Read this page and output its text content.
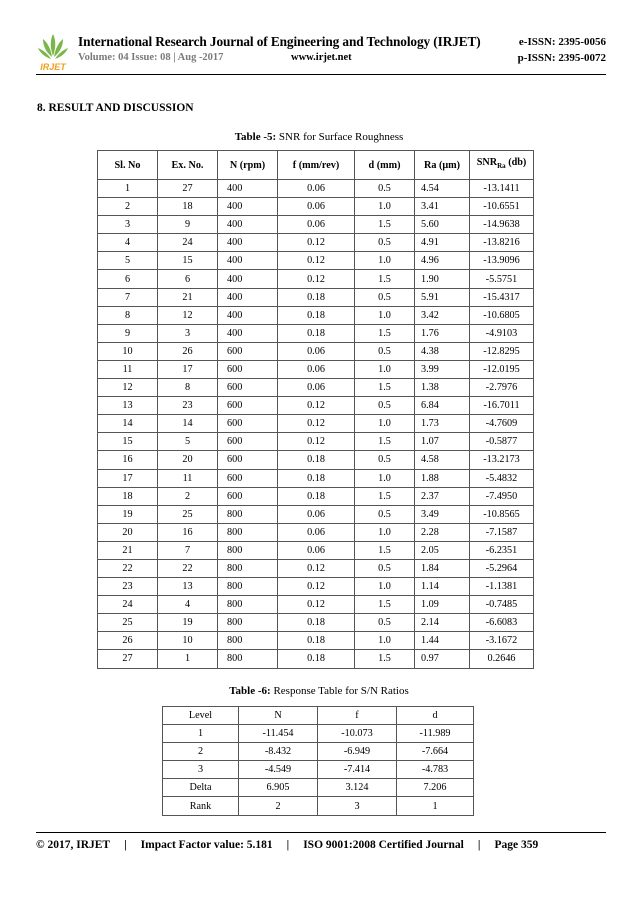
IRJET
International Research Journal of Engineering and Technology (IRJET)	e-ISSN: 2395-0056
Volume: 04 Issue: 08 | Aug -2017	www.irjet.net	p-ISSN: 2395-0072
8. RESULT AND DISCUSSION
Table -5: SNR for Surface Roughness
Sl. No	Ex. No.	N (rpm)	f (mm/rev)	d (mm)	Ra (μm)	$SNR_{Ra}$ (db)
1	27	400	0.06	0.5	4.54	-13.1411
2	18	400	0.06	1.0	3.41	-10.6551
3	9	400	0.06	1.5	5.60	-14.9638
4	24	400	0.12	0.5	4.91	-13.8216
5	15	400	0.12	1.0	4.96	-13.9096
6	6	400	0.12	1.5	1.90	-5.5751
7	21	400	0.18	0.5	5.91	-15.4317
8	12	400	0.18	1.0	3.42	-10.6805
9	3	400	0.18	1.5	1.76	-4.9103
10	26	600	0.06	0.5	4.38	-12.8295
11	17	600	0.06	1.0	3.99	-12.0195
12	8	600	0.06	1.5	1.38	-2.7976
13	23	600	0.12	0.5	6.84	-16.7011
14	14	600	0.12	1.0	1.73	-4.7609
15	5	600	0.12	1.5	1.07	-0.5877
16	20	600	0.18	0.5	4.58	-13.2173
17	11	600	0.18	1.0	1.88	-5.4832
18	2	600	0.18	1.5	2.37	-7.4950
19	25	800	0.06	0.5	3.49	-10.8565
20	16	800	0.06	1.0	2.28	-7.1587
21	7	800	0.06	1.5	2.05	-6.2351
22	22	800	0.12	0.5	1.84	-5.2964
23	13	800	0.12	1.0	1.14	-1.1381
24	4	800	0.12	1.5	1.09	-0.7485
25	19	800	0.18	0.5	2.14	-6.6083
26	10	800	0.18	1.0	1.44	-3.1672
27	1	800	0.18	1.5	0.97	0.2646
Table -6: Response Table for S/N Ratios
Level	N	f	d
1	-11.454	-10.073	-11.989
2	-8.432	-6.949	-7.664
3	-4.549	-7.414	-4.783
Delta	6.905	3.124	7.206
Rank	2	3	1
© 2017, IRJET | Impact Factor value: 5.181 | ISO 9001:2008 Certified Journal | Page 359
